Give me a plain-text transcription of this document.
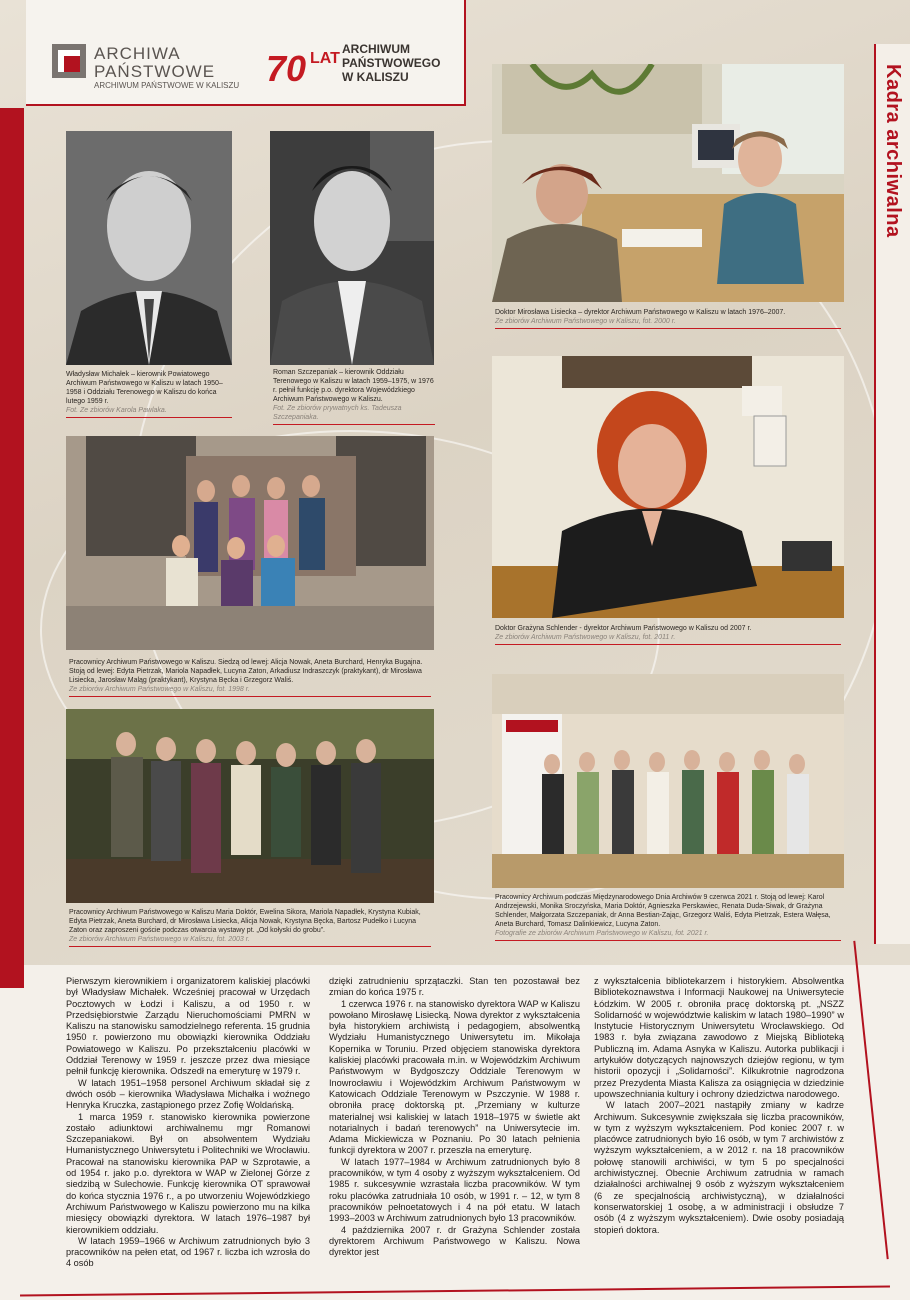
Kadra archiwalna
ARCHIWA
PAŃSTWOWE
ARCHIWUM PAŃSTWOWE W KALISZU 70 LAT
ARCHIWUM
PAŃSTWOWEGO
W KALISZU
Władysław Michałek – kierownik Powiatowego Archiwum Państwowego w Kaliszu w latach 1950–1958 i Oddziału Terenowego w Kaliszu do końca lutego 1959 r.
Fot. Ze zbiorów Karola Pawlaka.
Roman Szczepaniak – kierownik Oddziału Terenowego w Kaliszu w latach 1959–1975, w 1976 r. pełnił funkcję p.o. dyrektora Wojewódzkiego Archiwum Państwowego w Kaliszu.
Fot. Ze zbiorów prywatnych ks. Tadeusza Szczepaniaka.
Doktor Mirosława Lisiecka – dyrektor Archiwum Państwowego w Kaliszu w latach 1976–2007.
Ze zbiorów Archiwum Państwowego w Kaliszu, fot. 2000 r.
Pracownicy Archiwum Państwowego w Kaliszu. Siedzą od lewej: Alicja Nowak, Aneta Burchard, Henryka Bugajna. Stoją od lewej: Edyta Pietrzak, Mariola Napadłek, Lucyna Zaton, Arkadiusz Indraszczyk (praktykant), dr Mirosława Lisiecka, Jarosław Maląg (praktykant), Krystyna Bęcka i Grzegorz Waliś.
Ze zbiorów Archiwum Państwowego w Kaliszu, fot. 1998 r.
Doktor Grażyna Schlender - dyrektor Archiwum Państwowego w Kaliszu od 2007 r.
Ze zbiorów Archiwum Państwowego w Kaliszu, fot. 2011 r.
Pracownicy Archiwum Państwowego w Kaliszu Maria Doktór, Ewelina Sikora, Mariola Napadłek, Krystyna Kubiak, Edyta Pietrzak, Aneta Burchard, dr Mirosława Lisiecka, Alicja Nowak, Krystyna Bęcka, Bartosz Pudełko i Lucyna Zaton oraz zaproszeni goście podczas otwarcia wystawy pt. „Od kołyski do grobu”.
Ze zbiorów Archiwum Państwowego w Kaliszu, fot. 2003 r.
Pracownicy Archiwum podczas Międzynarodowego Dnia Archiwów 9 czerwca 2021 r. Stoją od lewej: Karol Andrzejewski, Monika Sroczyńska, Maria Doktór, Agnieszka Perskawiec, Renata Duda-Siwak, dr Grażyna Schlender, Małgorzata Szczepaniak, dr Anna Bestian-Zając, Grzegorz Waliś, Edyta Pietrzak, Estera Wałęsa, Aneta Burchard, Tomasz Dalinkiewicz, Lucyna Zaton.
Fotografie ze zbiorów Archiwum Państwowego w Kaliszu, fot. 2021 r.

Pierwszym kierownikiem i organizatorem kaliskiej placówki był Władysław Michałek. Wcześniej pracował w Urzędach Pocztowych w Łodzi i Kaliszu, a od 1950 r. w Przedsiębiorstwie Zarządu Nieruchomościami PMRN w Kaliszu na stanowisku samodzielnego referenta. 15 grudnia 1950 r. powierzono mu obowiązki kierownika Oddziału Powiatowego w Kaliszu. Po przekształceniu placówki w Oddział Terenowy w 1959 r. jeszcze przez dwa miesiące pełnił funkcję kierownika. Odszedł na emeryturę w 1979 r.

W latach 1951–1958 personel Archiwum składał się z dwóch osób – kierownika Władysława Michałka i woźnego Henryka Kruczka, zastąpionego przez Zofię Woldańską.

1 marca 1959 r. stanowisko kierownika powierzone zostało adiunktowi archiwalnemu mgr Romanowi Szczepaniakowi. Był on absolwentem Wydziału Humanistycznego Uniwersytetu i Politechniki we Wrocławiu. Pracował na stanowisku kierownika PAP w Szprotawie, a od 1954 r. jako p.o. dyrektora w WAP w Zielonej Górze z siedzibą w Sulechowie. Funkcję kierownika OT sprawował do końca stycznia 1976 r., a po utworzeniu Wojewódzkiego Archiwum Państwowego w Kaliszu powierzono mu na kilka miesięcy obowiązki dyrektora. W latach 1976–1987 był kierownikiem oddziału.

W latach 1959–1966 w Archiwum zatrudnionych było 3 pracowników na pełen etat, od 1967 r. liczba ich wzrosła do 4 osób

dzięki zatrudnieniu sprzątaczki. Stan ten pozostawał bez zmian do końca 1975 r.

1 czerwca 1976 r. na stanowisko dyrektora WAP w Kaliszu powołano Mirosławę Lisiecką. Nowa dyrektor z wykształcenia była historykiem archiwistą i pedagogiem, absolwentką Wydziału Humanistycznego Uniwersytetu im. Mikołaja Kopernika w Toruniu. Przed objęciem stanowiska dyrektora kaliskiej placówki pracowała m.in. w Wojewódzkim Archiwum Państwowym w Bydgoszczy Oddziale Terenowym w Inowrocławiu i Wojewódzkim Archiwum Państwowym w Katowicach Oddziale Terenowym w Pszczynie. W 1988 r. obroniła pracę doktorską pt. „Przemiany w kulturze materialnej wsi kaliskiej w latach 1918–1975 w świetle akt notarialnych i badań terenowych” na Uniwersytecie im. Adama Mickiewicza w Poznaniu. Po 30 latach pełnienia funkcji dyrektora w 2007 r. przeszła na emeryturę.

W latach 1977–1984 w Archiwum zatrudnionych było 8 pracowników, w tym 4 osoby z wyższym wykształceniem. Od 1985 r. sukcesywnie wzrastała liczba pracowników. W tym roku placówka zatrudniała 10 osób, w 1991 r. – 12, w tym 8 pracowników pełnoetatowych i 4 na pół etatu. W latach 1993–2003 w Archiwum zatrudnionych było 13 pracowników.

4 października 2007 r. dr Grażyna Schlender została dyrektorem Archiwum Państwowego w Kaliszu. Nowa dyrektor jest

z wykształcenia bibliotekarzem i historykiem. Absolwentka Bibliotekoznawstwa i Informacji Naukowej na Uniwersytecie Łódzkim. W 2005 r. obroniła pracę doktorską pt. „NSZZ Solidarność w województwie kaliskim w latach 1980–1990” w Instytucie Historycznym Uniwersytetu Wrocławskiego. Od 1983 r. była związana zawodowo z Miejską Biblioteką Publiczną im. Adama Asnyka w Kaliszu. Autorka publikacji i artykułów dotyczących najnowszych dziejów regionu, w tym historii opozycji i „Solidarności”. Kilkukrotnie nagrodzona przez Prezydenta Miasta Kalisza za osiągnięcia w dziedzinie upowszechniania kultury i ochrony dziedzictwa narodowego.

W latach 2007–2021 nastąpiły zmiany w kadrze Archiwum. Sukcesywnie zwiększała się liczba pracowników, w tym z wyższym wykształceniem. Pod koniec 2007 r. w placówce zatrudnionych było 16 osób, w tym 7 archiwistów z wyższym wykształceniem, a w 2012 r. na 18 pracowników połowę stanowili archiwiści, w tym 5 po specjalności archiwistycznej. Obecnie Archiwum zatrudnia w ramach działalności archiwalnej 9 osób z wyższym wykształceniem (6 ze specjalnością archiwistyczną), w działalności konserwatorskiej 1 osobę, a w administracji i obsłudze 7 osób (4 z wyższym wykształceniem). Dwie osoby posiadają stopień doktora.
